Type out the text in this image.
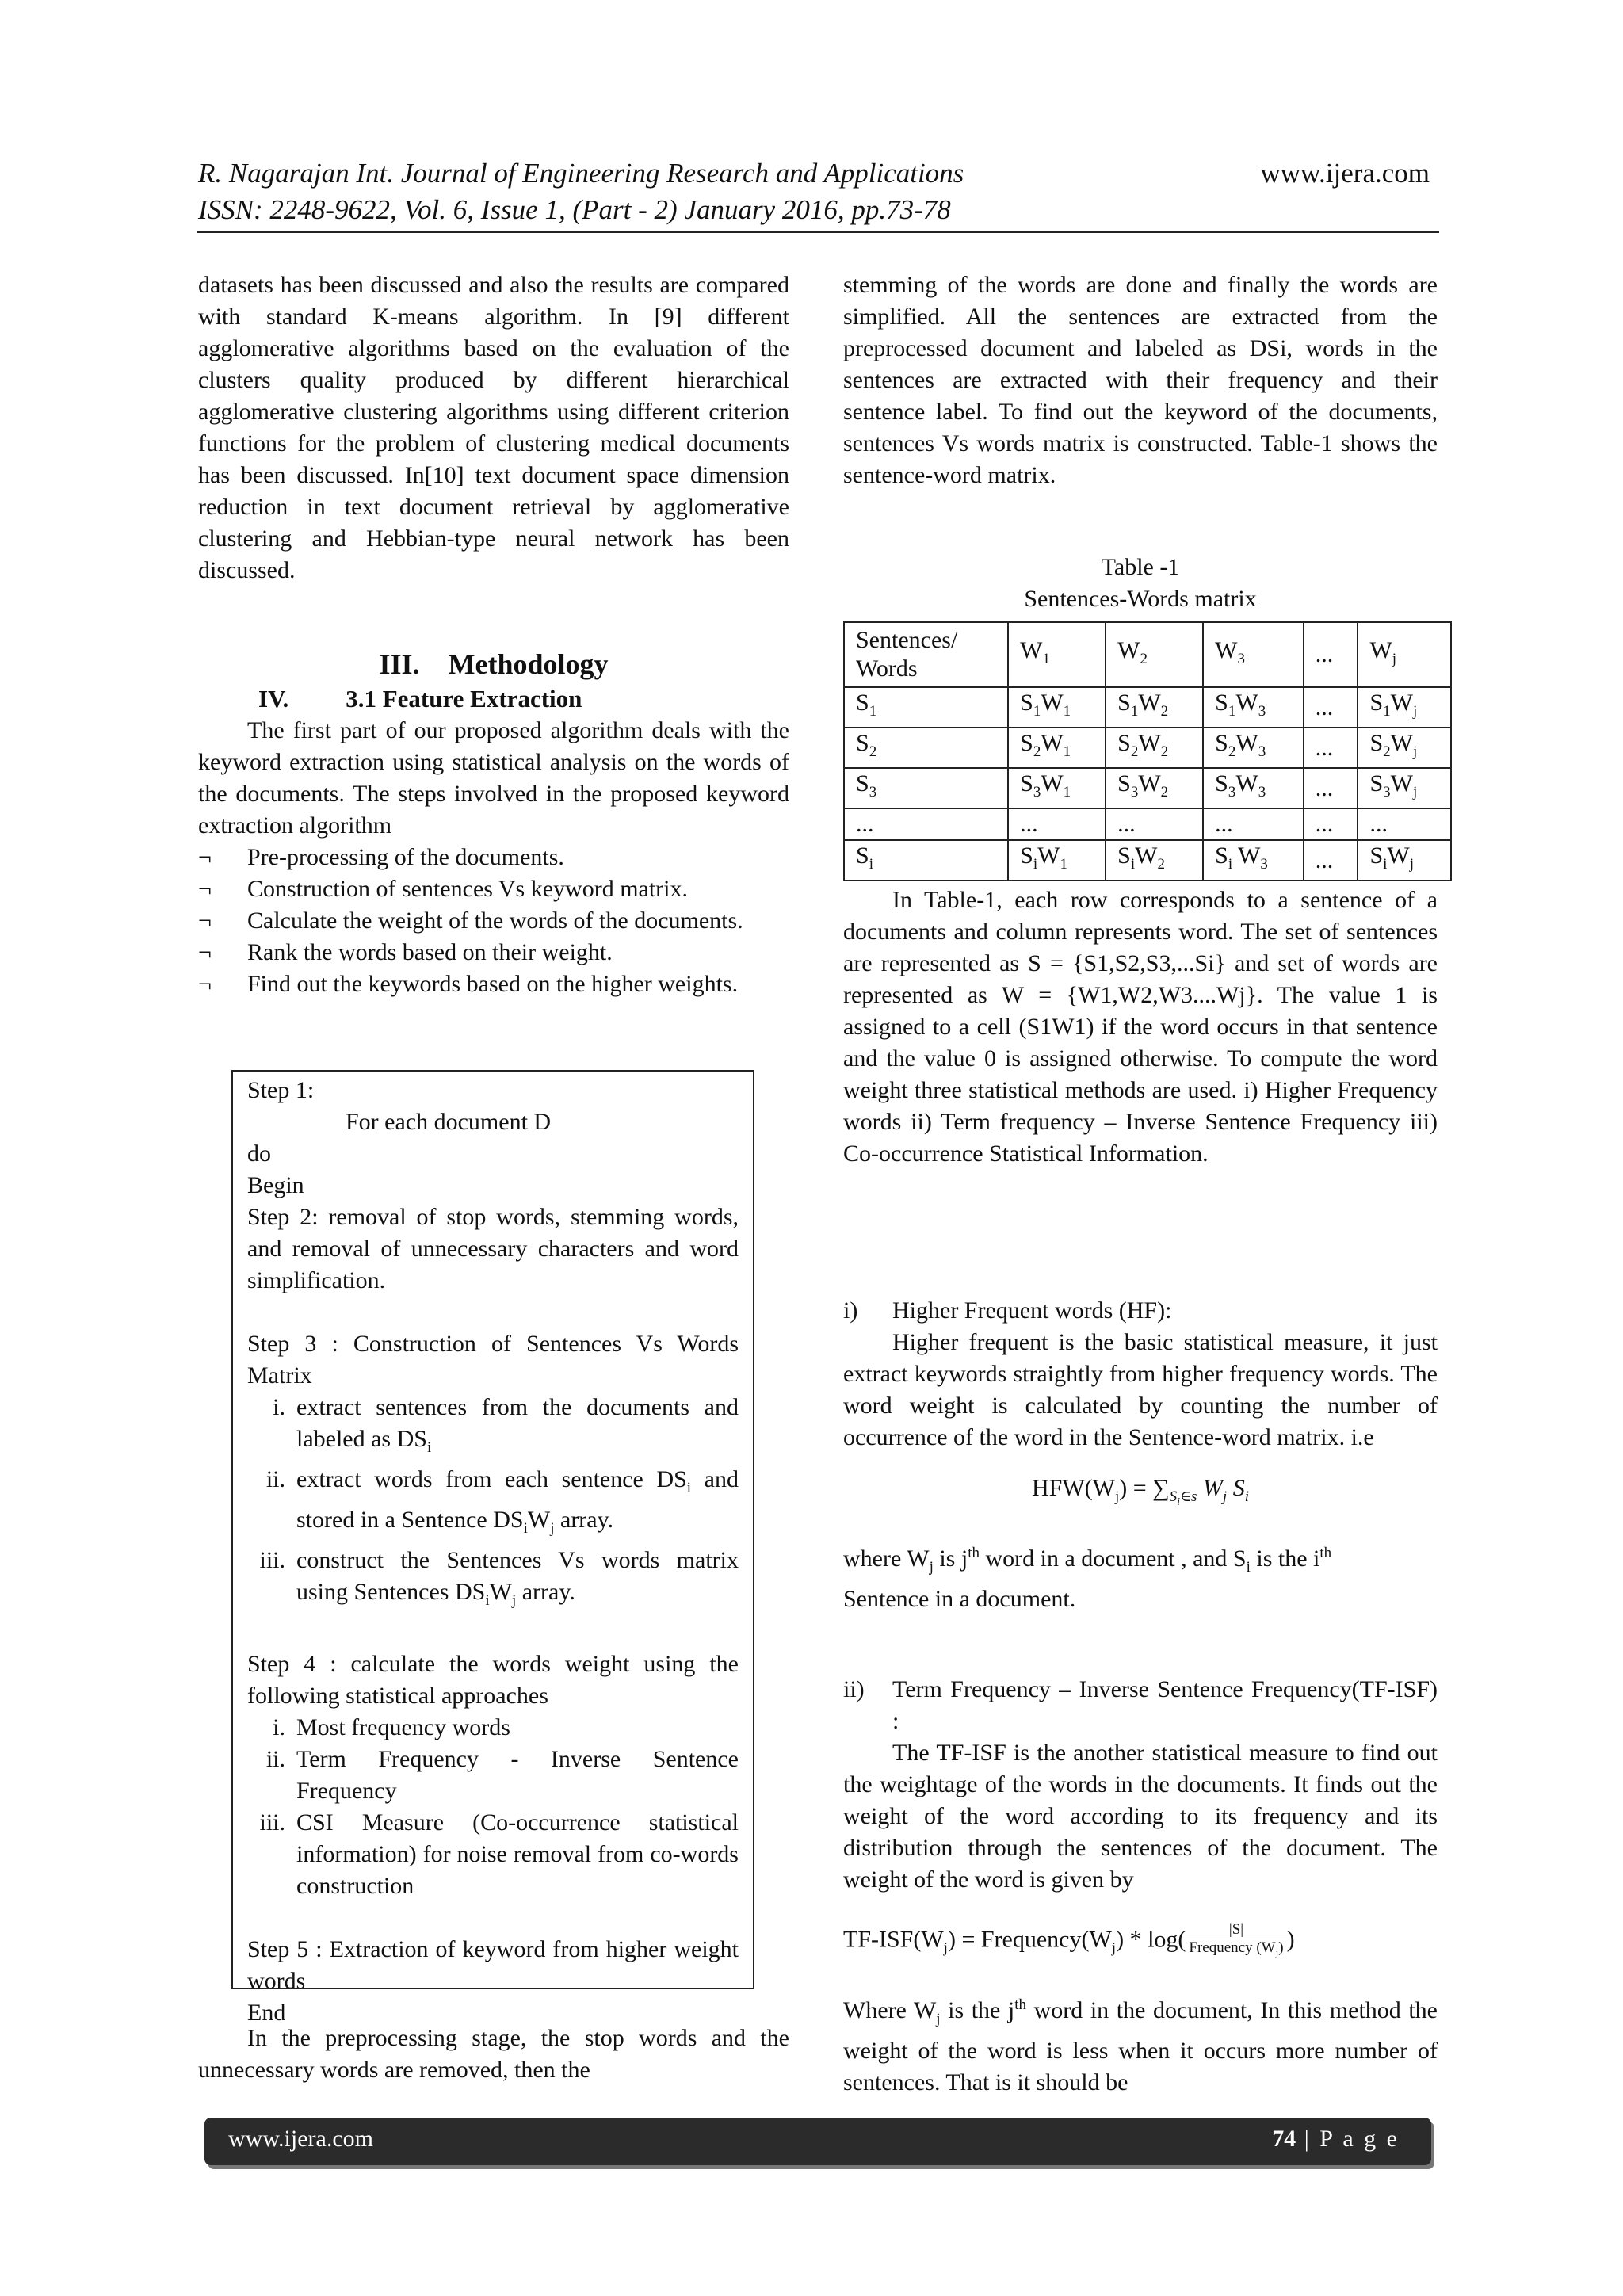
R. Nagarajan Int. Journal of Engineering Research and Applications
ISSN: 2248-9622, Vol. 6, Issue 1, (Part - 2) January 2016, pp.73-78
www.ijera.com

datasets has been discussed and also the results are compared with standard K-means algorithm. In [9] different agglomerative algorithms based on the evaluation of the clusters quality produced by different hierarchical agglomerative clustering algorithms using different criterion functions for the problem of clustering medical documents has been discussed. In[10] text document space dimension reduction in text document retrieval by agglomerative clustering and Hebbian-type neural network has been discussed.

III. Methodology
IV. 3.1 Feature Extraction

The first part of our proposed algorithm deals with the keyword extraction using statistical analysis on the words of the documents. The steps involved in the proposed keyword extraction algorithm

¬ Pre-processing of the documents.
¬ Construction of sentences Vs keyword matrix.
¬ Calculate the weight of the words of the documents.
¬ Rank the words based on their weight.
¬ Find out the keywords based on the higher weights.

Step 1:

For each document D

do

Begin

Step 2: removal of stop words, stemming words, and removal of unnecessary characters and word simplification.

Step 3 : Construction of Sentences Vs Words Matrix

i. extract sentences from the documents and labeled as $DS_i$
ii. extract words from each sentence $DS_i$ and stored in a Sentence $DS_iW_j$ array.
iii. construct the Sentences Vs words matrix using Sentences $DS_iW_j$ array.

Step 4 : calculate the words weight using the following statistical approaches

i. Most frequency words
ii. Term Frequency - Inverse Sentence Frequency
iii. CSI Measure (Co-occurrence statistical information) for noise removal from co-words construction

Step 5 : Extraction of keyword from higher weight words

End

In the preprocessing stage, the stop words and the unnecessary words are removed, then the

stemming of the words are done and finally the words are simplified. All the sentences are extracted from the preprocessed document and labeled as DSi, words in the sentences are extracted with their frequency and their sentence label. To find out the keyword of the documents, sentences Vs words matrix is constructed. Table-1 shows the sentence-word matrix.

Table -1
Sentences-Words matrix
Sentences/
Words	$W_1$	$W_2$	$W_3$	...	$W_j$
$S_1$	$S_1W_1$	$S_1W_2$	$S_1W_3$	...	$S_1W_j$
$S_2$	$S_2W_1$	$S_2W_2$	$S_2W_3$	...	$S_2W_j$
$S_3$	$S_3W_1$	$S_3W_2$	$S_3W_3$	...	$S_3W_j$
...	...	...	...	...	...
$S_i$	$S_iW_1$	$S_iW_2$	$S_i$ $W_3$	...	$S_iW_j$

In Table-1, each row corresponds to a sentence of a documents and column represents word. The set of sentences are represented as S = {S1,S2,S3,...Si} and set of words are represented as W = {W1,W2,W3....Wj}. The value 1 is assigned to a cell (S1W1) if the word occurs in that sentence and the value 0 is assigned otherwise. To compute the word weight three statistical methods are used. i) Higher Frequency words ii) Term frequency – Inverse Sentence Frequency iii) Co-occurrence Statistical Information.

i) Higher Frequent words (HF):

Higher frequent is the basic statistical measure, it just extract keywords straightly from higher frequency words. The word weight is calculated by counting the number of occurrence of the word in the Sentence-word matrix. i.e

$HFW(W_j) = \sum_{S_i\in s}$ $W_j$ $S_i$

where $W_j$ is $j^{th}$ word in a document , and $S_i$ is the $i^{th}$
Sentence in a document.

ii) Term Frequency – Inverse Sentence Frequency(TF-ISF) :

The TF-ISF is the another statistical measure to find out the weightage of the words in the documents. It finds out the weight of the word according to its frequency and its distribution through the sentences of the document. The weight of the word is given by

$TF-ISF(W_j)$ = $Frequency(W_j) * \log( \frac{|S|}{Frequency (W_j)}$ )

Where $W_j$ is the $j^{th}$ word in the document, In this method the weight of the word is less when it occurs more number of sentences. That is it should be

www.ijera.com	74 | P a g e
